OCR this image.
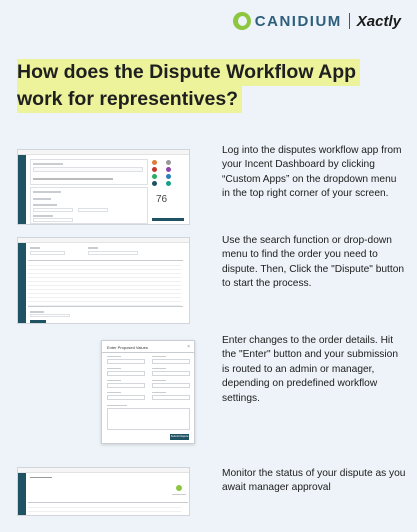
CANIDIUM Xactly
How does the Dispute Workflow App
work for representives?
76

Log into the disputes workflow app from your Incent Dashboard by clicking “Custom Apps” on the dropdown menu in the top right corner of your screen.

Use the search function or drop-down menu to find the order you need to dispute. Then, Click the "Dispute" button to start the process.

Enter Proposed Values	×
Submit Dispute

Enter changes to the order details. Hit the "Enter" button and your submission is routed to an admin or manager, depending on predefined workflow settings.

Monitor the status of your dispute as you await manager approval
